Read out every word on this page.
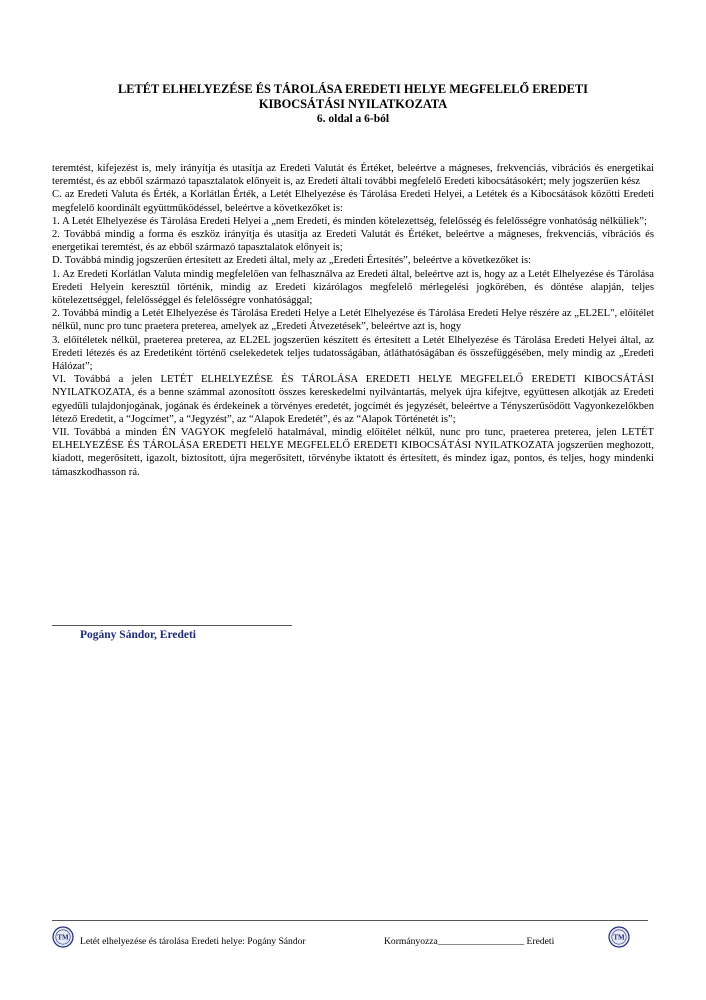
LETÉT ELHELYEZÉSE ÉS TÁROLÁSA EREDETI HELYE MEGFELELŐ EREDETI
KIBOCSÁTÁSI NYILATKOZATA
6. oldal a 6-ból

teremtést, kifejezést is, mely irányítja és utasítja az Eredeti Valutát és Értéket, beleértve a mágneses, frekvenciás, vibrációs és energetikai teremtést, és az ebből származó tapasztalatok előnyeit is, az Eredeti általi további megfelelő Eredeti kibocsátásokért; mely jogszerűen kész

C. az Eredeti Valuta és Érték, a Korlátlan Érték, a Letét Elhelyezése és Tárolása Eredeti Helyei, a Letétek és a Kibocsátások közötti Eredeti megfelelő koordinált együttműködéssel, beleértve a következőket is:

1. A Letét Elhelyezése és Tárolása Eredeti Helyei a „nem Eredeti, és minden kötelezettség, felelősség és felelősségre vonhatóság nélküliek”;

2. Továbbá mindig a forma és eszköz irányítja és utasítja az Eredeti Valutát és Értéket, beleértve a mágneses, frekvenciás, vibrációs és energetikai teremtést, és az ebből származó tapasztalatok előnyeit is;

D. Továbbá mindig jogszerűen értesített az Eredeti által, mely az „Eredeti Értesítés”, beleértve a következőket is:

1. Az Eredeti Korlátlan Valuta mindig megfelelően van felhasználva az Eredeti által, beleértve azt is, hogy az a Letét Elhelyezése és Tárolása Eredeti Helyein keresztül történik, mindig az Eredeti kizárólagos megfelelő mérlegelési jogkörében, és döntése alapján, teljes kötelezettséggel, felelősséggel és felelősségre vonhatósággal;

2. Továbbá mindig a Letét Elhelyezése és Tárolása Eredeti Helye a Letét Elhelyezése és Tárolása Eredeti Helye részére az „EL2EL", előítélet nélkül, nunc pro tunc praetera preterea, amelyek az „Eredeti Átvezetések”, beleértve azt is, hogy

3. előítéletek nélkül, praeterea preterea, az EL2EL jogszerűen készített és értesített a Letét Elhelyezése és Tárolása Eredeti Helyei által, az Eredeti létezés és az Eredetiként történő cselekedetek teljes tudatosságában, átláthatóságában és összefüggésében, mely mindig az „Eredeti Hálózat”;

VI. Továbbá a jelen LETÉT ELHELYEZÉSE ÉS TÁROLÁSA EREDETI HELYE MEGFELELŐ EREDETI KIBOCSÁTÁSI NYILATKOZATA, és a benne számmal azonosított összes kereskedelmi nyilvántartás, melyek újra kifejtve, együttesen alkotják az Eredeti egyedüli tulajdonjogának, jogának és érdekeinek a törvényes eredetét, jogcímét és jegyzését, beleértve a Tényszerűsödött Vagyonkezelőkben létező Eredetit, a “Jogcímet”, a “Jegyzést”, az “Alapok Eredetét”, és az “Alapok Történetét is”;

VII. Továbbá a minden ÉN VAGYOK megfelelő hatalmával, mindig előítélet nélkül, nunc pro tunc, praeterea preterea, jelen LETÉT ELHELYEZÉSE ÉS TÁROLÁSA EREDETI HELYE MEGFELELŐ EREDETI KIBOCSÁTÁSI NYILATKOZATA jogszerűen meghozott, kiadott, megerősített, igazolt, biztosított, újra megerősített, törvénybe iktatott és értesített, és mindez igaz, pontos, és teljes, hogy mindenki támaszkodhasson rá.

Pogány Sándor, Eredeti
TM Letét elhelyezése és tárolása Eredeti helye: Pogány Sándor	Kormányozza__________________ Eredeti	TM
